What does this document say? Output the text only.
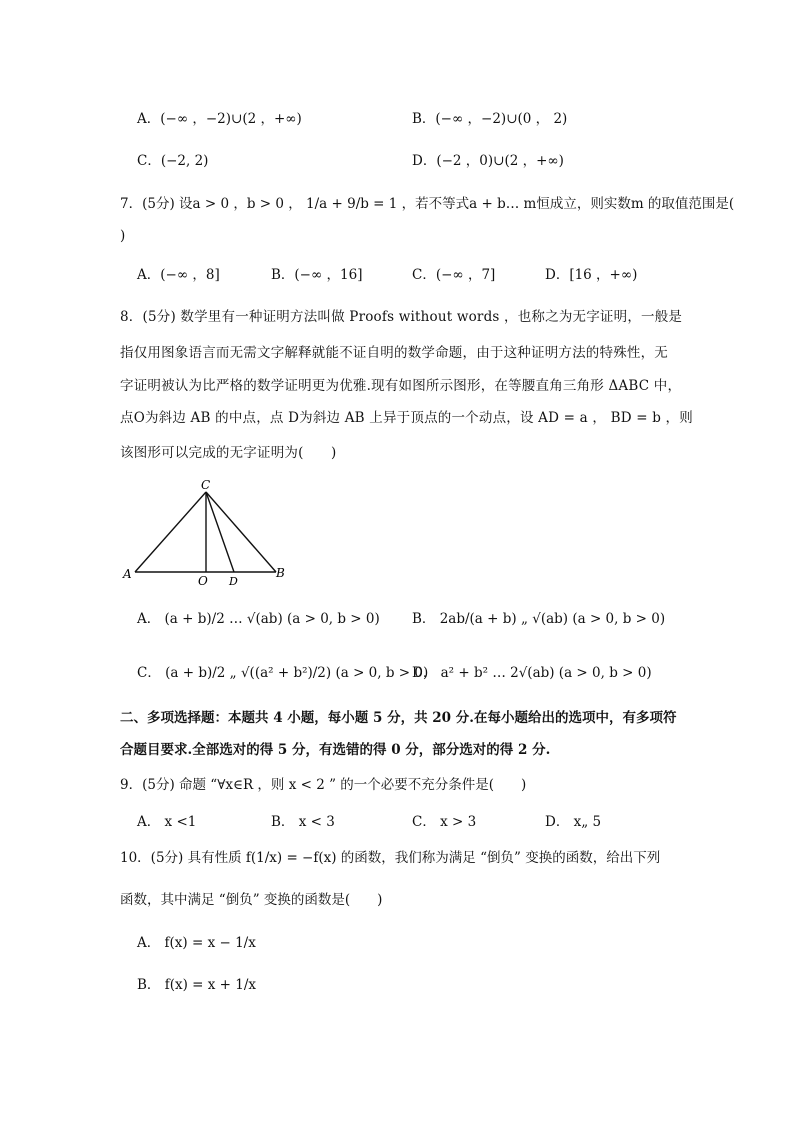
A．(−∞ ，−2)∪(2 ，+∞)	B．(−∞ ，−2)∪(0 ， 2)
C．(−2, 2)	D．(−2 ，0)∪(2 ，+∞)
7．(5分) 设a > 0 ，b > 0 ， 1/a + 9/b = 1 ，若不等式a + b… m恒成立，则实数m 的取值范围是(
)
A．(−∞ ，8]	B．(−∞ ，16]	C．(−∞ ，7]	D．[16 ，+∞)
8．(5分) 数学里有一种证明方法叫做 Proofs without words ，也称之为无字证明，一般是
指仅用图象语言而无需文字解释就能不证自明的数学命题，由于这种证明方法的特殊性，无
字证明被认为比严格的数学证明更为优雅.现有如图所示图形，在等腰直角三角形 ΔABC 中，
点O为斜边 AB 的中点，点 D为斜边 AB 上异于顶点的一个动点，设 AD = a ， BD = b ，则
该图形可以完成的无字证明为(　　)
C
A	O D
B
A． (a + b)/2 … √(ab) (a > 0, b > 0) B． 2ab/(a + b) „ √(ab) (a > 0, b > 0)
C． (a + b)/2 „ √((a² + b²)/2) (a > 0, b > 0)
D． a² + b² … 2√(ab) (a > 0, b > 0)
二、多项选择题：本题共 4 小题，每小题 5 分，共 20 分.在每小题给出的选项中，有多项符
合题目要求.全部选对的得 5 分，有选错的得 0 分，部分选对的得 2 分.
9．(5分) 命题 “∀x∈R ，则 x < 2 ” 的一个必要不充分条件是(　　)
A． x <1	B． x < 3	C． x > 3	D． x„ 5
10．(5分) 具有性质 f(1/x) = −f(x) 的函数，我们称为满足 “倒负” 变换的函数，给出下列
函数，其中满足 “倒负” 变换的函数是(　　)
A． f(x) = x − 1/x
B． f(x) = x + 1/x
